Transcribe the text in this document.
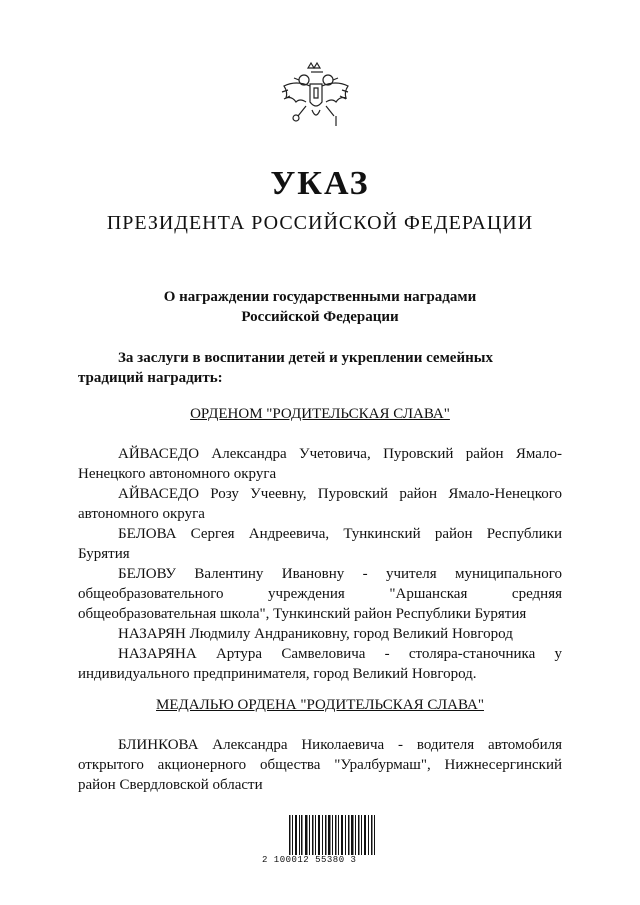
УКАЗ
ПРЕЗИДЕНТА РОССИЙСКОЙ ФЕДЕРАЦИИ
О награждении государственными наградами
Российской Федерации
За заслуги в воспитании детей и укреплении семейных
традиций наградить:
ОРДЕНОМ "РОДИТЕЛЬСКАЯ СЛАВА"

АЙВАСЕДО Александра Учетовича, Пуровский район Ямало-Ненецкого автономного округа

АЙВАСЕДО Розу Учеевну, Пуровский район Ямало-Ненецкого автономного округа

БЕЛОВА Сергея Андреевича, Тункинский район Республики Бурятия

БЕЛОВУ Валентину Ивановну - учителя муниципального общеобразовательного учреждения "Аршанская средняя общеобразовательная школа", Тункинский район Республики Бурятия

НАЗАРЯН Людмилу Андраниковну, город Великий Новгород

НАЗАРЯНА Артура Самвеловича - столяра-станочника у индивидуального предпринимателя, город Великий Новгород.

МЕДАЛЬЮ ОРДЕНА "РОДИТЕЛЬСКАЯ СЛАВА"

БЛИНКОВА Александра Николаевича - водителя автомобиля открытого акционерного общества "Уралбурмаш", Нижнесергинский район Свердловской области

2 100012 55380 3
